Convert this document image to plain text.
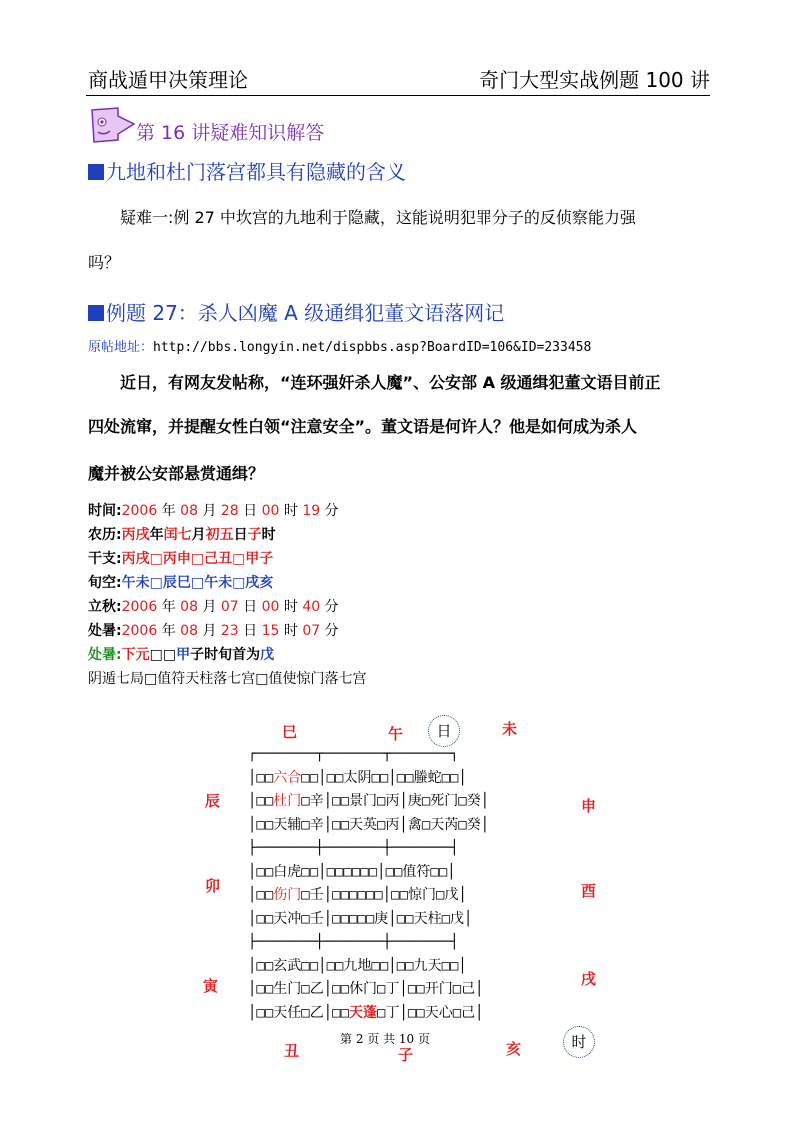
商战遁甲决策理论	奇门大型实战例题 100 讲
第 16 讲疑难知识解答
九地和杜门落宫都具有隐藏的含义
疑难一:例 27 中坎宫的九地利于隐藏，这能说明犯罪分子的反侦察能力强
吗？
例题 27：杀人凶魔 A 级通缉犯董文语落网记
原帖地址：http://bbs.longyin.net/dispbbs.asp?BoardID=106&ID=233458
近日，有网友发帖称，“连环强奸杀人魔”、公安部 A 级通缉犯董文语目前正
四处流窜，并提醒女性白领“注意安全”。董文语是何许人？他是如何成为杀人
魔并被公安部悬赏通缉？
时间:2006 年 08 月 28 日 00 时 19 分
农历:丙戌年闰七月初五日子时
干支:丙戌□丙申□己丑□甲子
旬空:午未□辰巳□午未□戌亥
立秋:2006 年 08 月 07 日 00 时 40 分
处暑:2006 年 08 月 23 日 15 时 07 分
处暑:下元□□甲子时旬首为戊
阴遁七局□值符天柱落七宫□值使惊门落七宫
巳	午	未
日
辰
卯
寅
申
酉
戌
丑	子	亥	时
┌───────┬───────┬───────┐
│□□六合□□│□□太阴□□│□□螣蛇□□│
│□□杜门□辛│□□景门□丙│庚□死门□癸│
│□□天辅□辛│□□天英□丙│禽□天芮□癸│
├───────┼───────┼───────┤
│□□白虎□□│□□□□□□│□□值符□□│
│□□伤门□壬│□□□□□□│□□惊门□戊│
│□□天冲□壬│□□□□□庚│□□天柱□戊│
├───────┼───────┼───────┤
│□□玄武□□│□□九地□□│□□九天□□│
│□□生门□乙│□□休门□丁│□□开门□己│
│□□天任□乙│□□天蓬□丁│□□天心□己│
第 2 页 共 10 页
